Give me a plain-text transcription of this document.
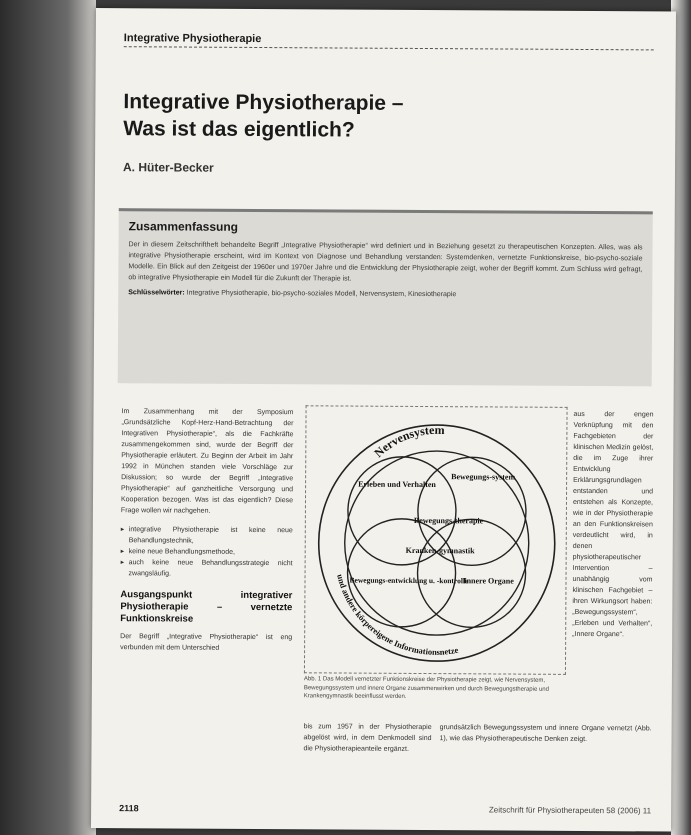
Integrative Physiotherapie
Integrative Physiotherapie –
Was ist das eigentlich?
A. Hüter-Becker
Zusammenfassung
Der in diesem Zeitschriftheft behandelte Begriff „Integrative Physiotherapie“ wird definiert und in Beziehung gesetzt zu therapeutischen Konzepten. Alles, was als integrative Physiotherapie erscheint, wird im Kontext von Diagnose und Behandlung verstanden: Systemdenken, vernetzte Funktionskreise, bio-psycho-soziale Modelle. Ein Blick auf den Zeitgeist der 1960er und 1970er Jahre und die Entwicklung der Physiotherapie zeigt, woher der Begriff kommt. Zum Schluss wird gefragt, ob integrative Physiotherapie ein Modell für die Zukunft der Therapie ist.
Schlüsselwörter: Integrative Physiotherapie, bio-psycho-soziales Modell, Nervensystem, Kinesiotherapie

Im Zusammenhang mit der Symposium „Grundsätzliche Kopf-Herz-Hand-Betrachtung der Integrativen Physiotherapie“, als die Fachkräfte zusammengekommen sind, wurde der Begriff der Physiotherapie erläutert. Zu Beginn der Arbeit im Jahr 1992 in München standen viele Vorschläge zur Diskussion; so wurde der Begriff „Integrative Physiotherapie“ auf ganzheitliche Versorgung und Kooperation bezogen. Was ist das eigentlich? Diese Frage wollen wir nachgehen.

▸ integrative Physiotherapie ist keine neue Behandlungstechnik,
▸ keine neue Behandlungsmethode,
▸ auch keine neue Behandlungsstrategie nicht zwangsläufig.
Ausgangspunkt integrativer Physiotherapie – vernetzte Funktionskreise

Der Begriff „Integrative Physiotherapie“ ist eng verbunden mit dem Unterschied

Nervensystem
und andere körpereigene Informationsnetze
Erleben und Verhalten
Bewegungs-system
Bewegungs-entwicklung u. -kontrolle
Innere Organe
Bewegungs-therapie
Kranken-gymnastik
Abb. 1 Das Modell vernetzter Funktionskreise der Physiotherapie zeigt, wie Nervensystem, Bewegungssystem und innere Organe zusammenwirken und durch Bewegungstherapie und Krankengymnastik beeinflusst werden.
aus der engen Verknüpfung mit den Fachgebieten der klinischen Medizin gelöst, die im Zuge ihrer Entwicklung Erklärungsgrundlagen entstanden und entstehen als Konzepte, wie in der Physiotherapie an den Funktionskreisen verdeutlicht wird, in denen physiotherapeutischer Intervention – unabhängig vom klinischen Fachgebiet – ihren Wirkungsort haben: „Bewegungssystem“, „Erleben und Verhalten“, „Innere Organe“.
bis zum 1957 in der Physiotherapie abgelöst wird, in dem Denkmodell sind die Physiotherapieanteile ergänzt.
grundsätzlich Bewegungssystem und innere Organe vernetzt (Abb. 1), wie das Physiotherapeutische Denken zeigt.
2118	Zeitschrift für Physiotherapeuten 58 (2006) 11
